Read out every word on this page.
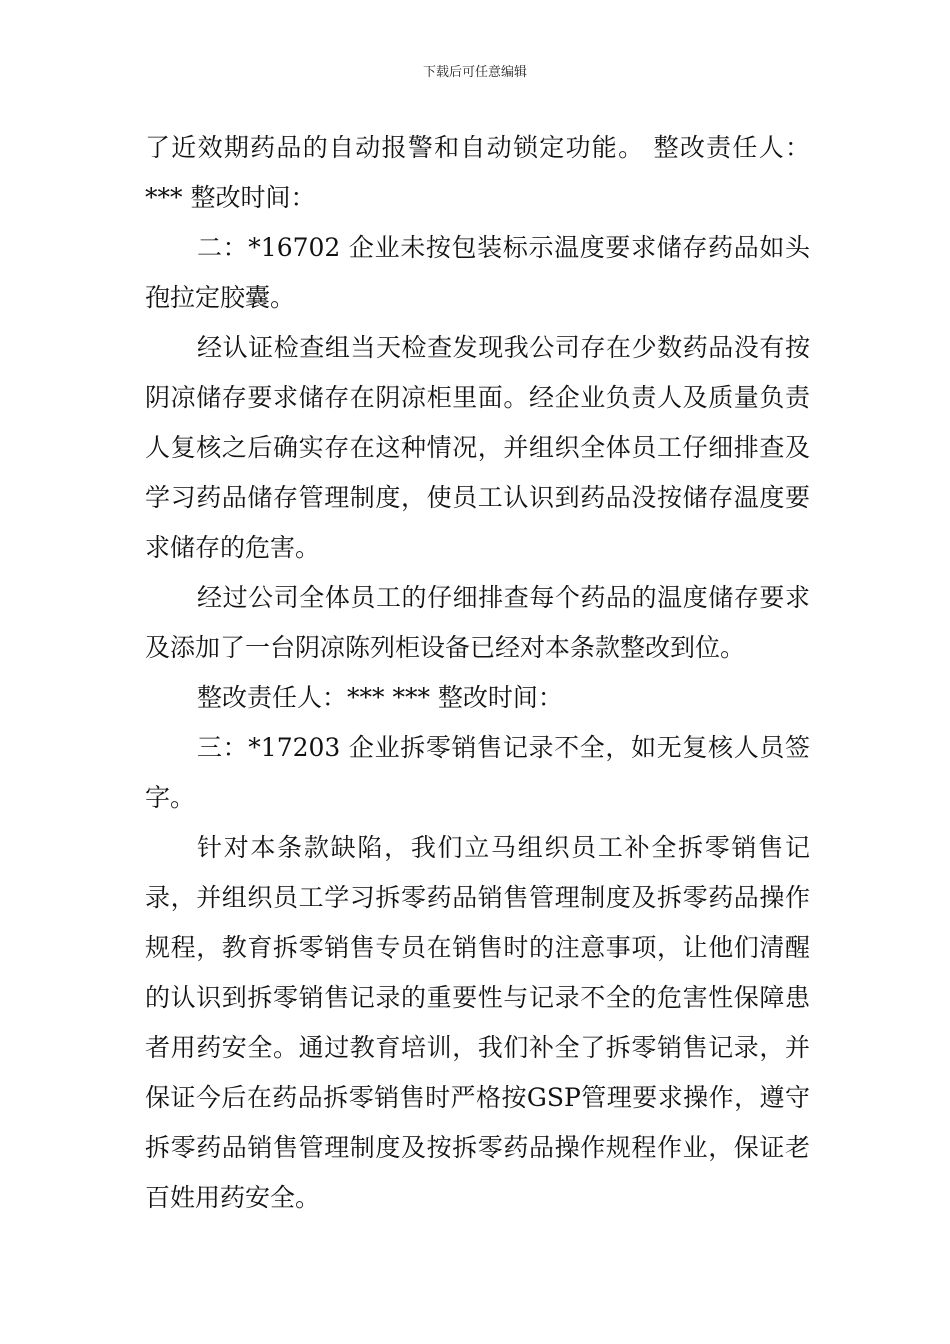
下载后可任意编辑

了近效期药品的自动报警和自动锁定功能。 整改责任人：*** 整改时间：

二：*16702 企业未按包装标示温度要求储存药品如头孢拉定胶囊。

经认证检查组当天检查发现我公司存在少数药品没有按阴凉储存要求储存在阴凉柜里面。经企业负责人及质量负责人复核之后确实存在这种情况，并组织全体员工仔细排查及学习药品储存管理制度，使员工认识到药品没按储存温度要求储存的危害。

经过公司全体员工的仔细排查每个药品的温度储存要求及添加了一台阴凉陈列柜设备已经对本条款整改到位。

整改责任人：*** *** 整改时间：

三：*17203 企业拆零销售记录不全，如无复核人员签字。

针对本条款缺陷，我们立马组织员工补全拆零销售记录，并组织员工学习拆零药品销售管理制度及拆零药品操作规程，教育拆零销售专员在销售时的注意事项，让他们清醒的认识到拆零销售记录的重要性与记录不全的危害性保障患者用药安全。通过教育培训，我们补全了拆零销售记录，并保证今后在药品拆零销售时严格按GSP管理要求操作，遵守拆零药品销售管理制度及按拆零药品操作规程作业，保证老百姓用药安全。
